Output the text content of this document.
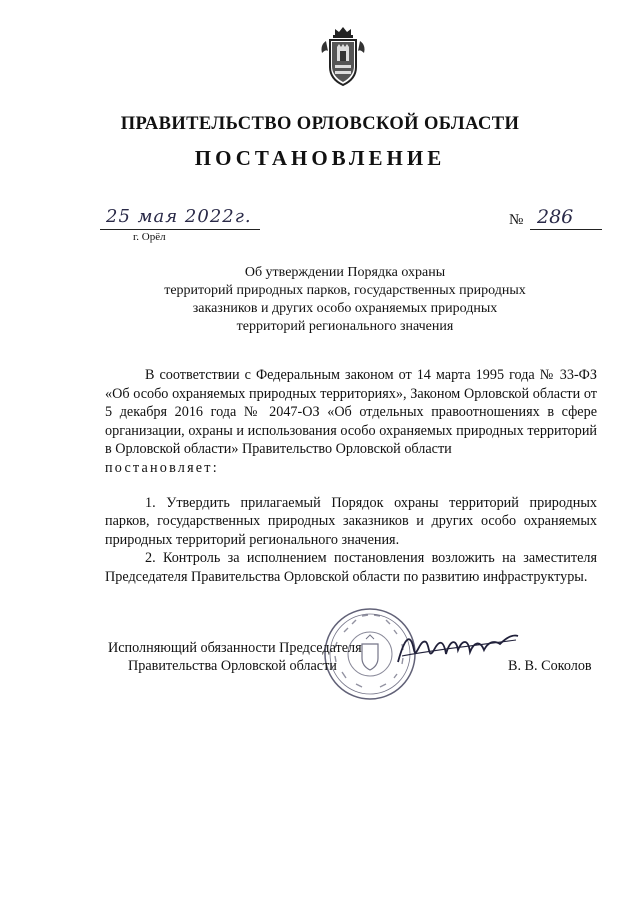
ПРАВИТЕЛЬСТВО ОРЛОВСКОЙ ОБЛАСТИ
ПОСТАНОВЛЕНИЕ
25 мая 2022г.
г. Орёл
№ 286
Об утверждении Порядка охраны
территорий природных парков, государственных природных
заказников и других особо охраняемых природных
территорий регионального значения

В соответствии с Федеральным законом от 14 марта 1995 года № 33-ФЗ «Об особо охраняемых природных территориях», Законом Орловской области от 5 декабря 2016 года № 2047-ОЗ «Об отдельных правоотношениях в сфере организации, охраны и использования особо охраняемых природных территорий в Орловской области» Правительство Орловской области

постановляет:

1. Утвердить прилагаемый Порядок охраны территорий природных парков, государственных природных заказников и других особо охраняемых природных территорий регионального значения.

2. Контроль за исполнением постановления возложить на заместителя Председателя Правительства Орловской области по развитию инфраструктуры.

Исполняющий обязанности Председателя
Правительства Орловской области	В. В. Соколов
